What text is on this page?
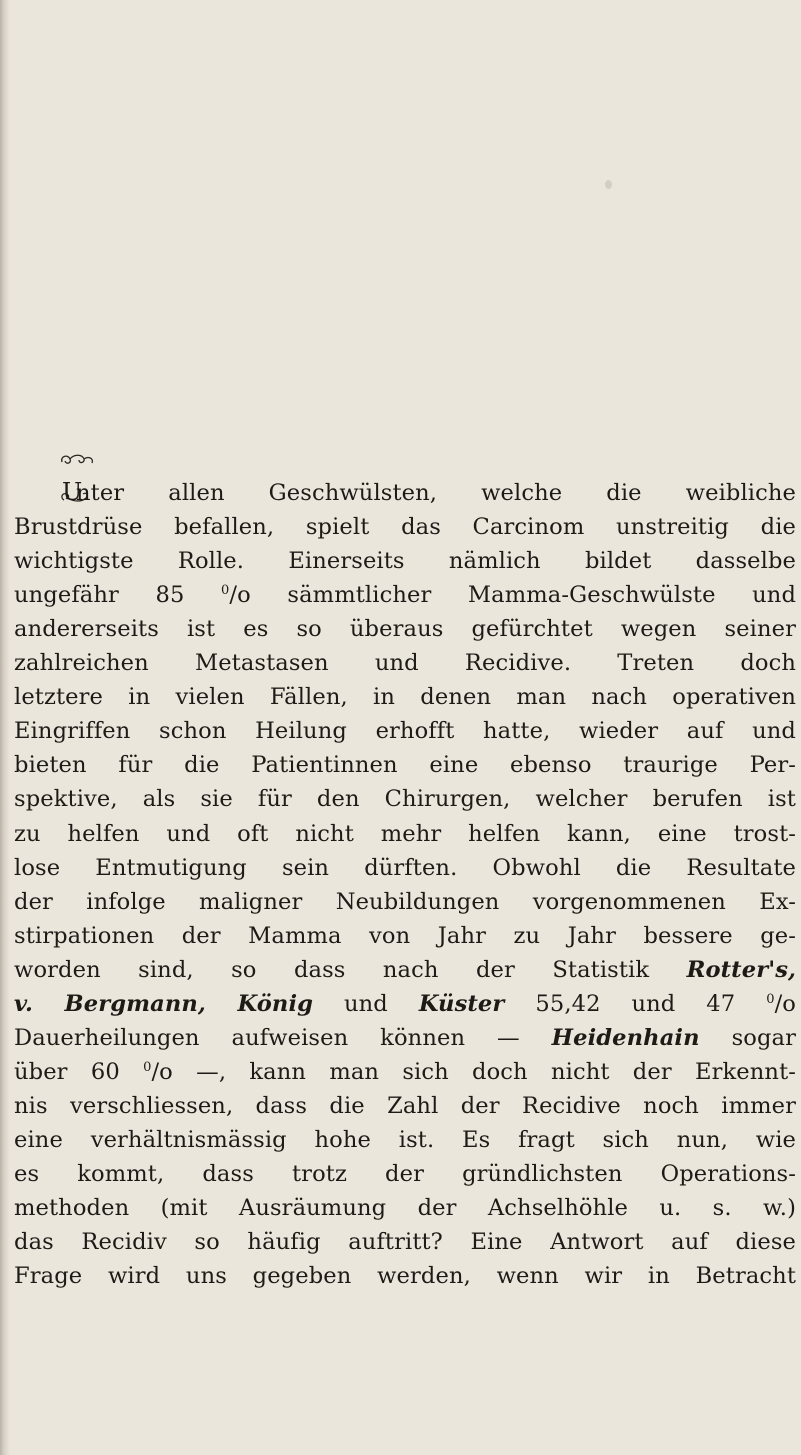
U
nter allen Geschwülsten, welche die weibliche
Brustdrüse befallen, spielt das Carcinom unstreitig die
wichtigste Rolle. Einerseits nämlich bildet dasselbe
ungefähr 85 $^0$/o sämmtlicher Mamma-Geschwülste und
andererseits ist es so überaus gefürchtet wegen seiner
zahlreichen Metastasen und Recidive. Treten doch
letztere in vielen Fällen, in denen man nach operativen
Eingriffen schon Heilung erhofft hatte, wieder auf und
bieten für die Patientinnen eine ebenso traurige Per-
spektive, als sie für den Chirurgen, welcher berufen ist
zu helfen und oft nicht mehr helfen kann, eine trost-
lose Entmutigung sein dürften. Obwohl die Resultate
der infolge maligner Neubildungen vorgenommenen Ex-
stirpationen der Mamma von Jahr zu Jahr bessere ge-
worden sind, so dass nach der Statistik Rotter's,
v. Bergmann, König und Küster 55,42 und 47 $^0$/o
Dauerheilungen aufweisen können — Heidenhain sogar
über 60 $^0$/o —, kann man sich doch nicht der Erkennt-
nis verschliessen, dass die Zahl der Recidive noch immer
eine verhältnismässig hohe ist. Es fragt sich nun, wie
es kommt, dass trotz der gründlichsten Operations-
methoden (mit Ausräumung der Achselhöhle u. s. w.)
das Recidiv so häufig auftritt? Eine Antwort auf diese
Frage wird uns gegeben werden, wenn wir in Betracht
